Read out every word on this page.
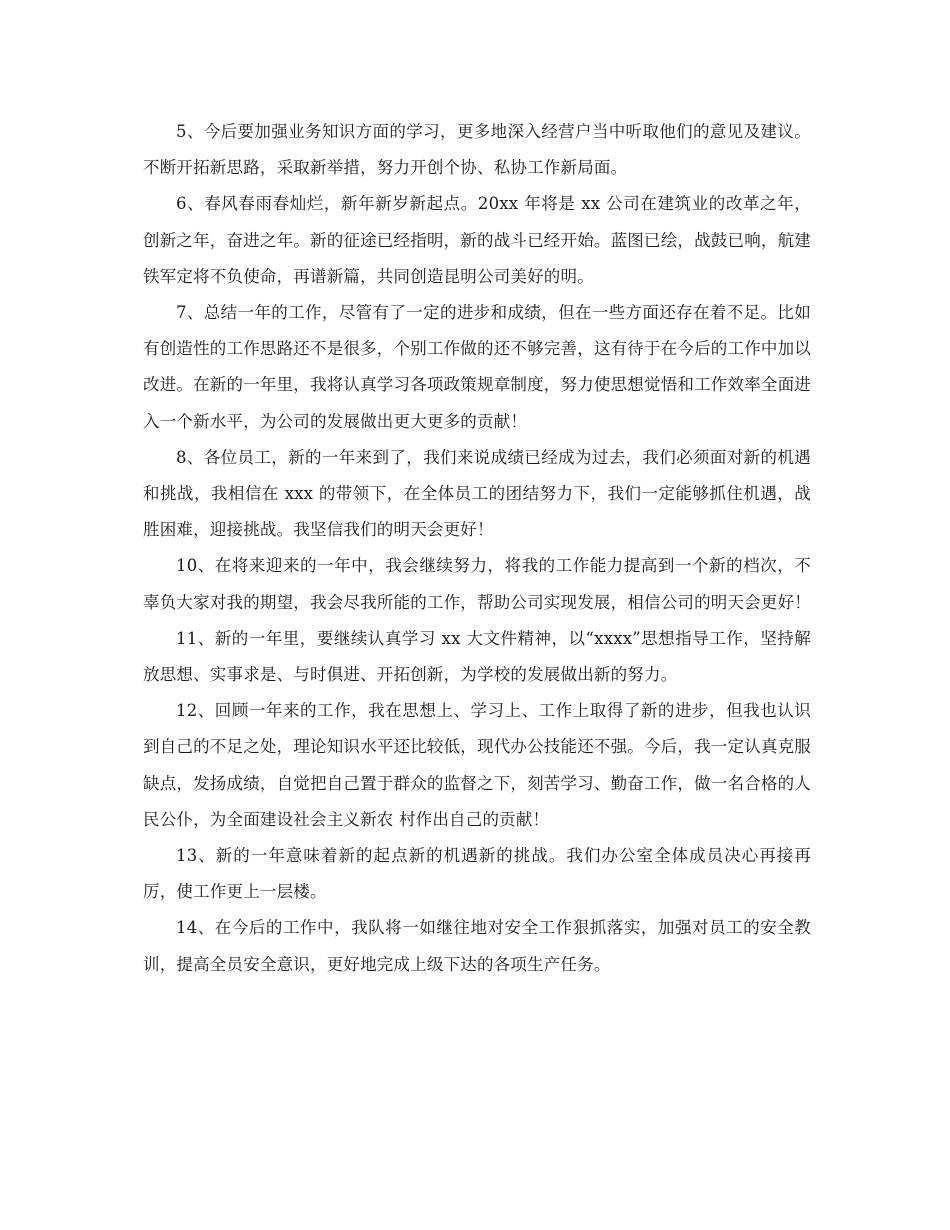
5、今后要加强业务知识方面的学习，更多地深入经营户当中听取他们的意见及建议。不断开拓新思路，采取新举措，努力开创个协、私协工作新局面。

6、春风春雨春灿烂，新年新岁新起点。20xx 年将是 xx 公司在建筑业的改革之年，创新之年，奋进之年。新的征途已经指明，新的战斗已经开始。蓝图已绘，战鼓已响，航建铁军定将不负使命，再谱新篇，共同创造昆明公司美好的明。

7、总结一年的工作，尽管有了一定的进步和成绩，但在一些方面还存在着不足。比如有创造性的工作思路还不是很多，个别工作做的还不够完善，这有待于在今后的工作中加以改进。在新的一年里，我将认真学习各项政策规章制度，努力使思想觉悟和工作效率全面进入一个新水平，为公司的发展做出更大更多的贡献！

8、各位员工，新的一年来到了，我们来说成绩已经成为过去，我们必须面对新的机遇和挑战，我相信在 xxx 的带领下，在全体员工的团结努力下，我们一定能够抓住机遇，战胜困难，迎接挑战。我坚信我们的明天会更好！

10、在将来迎来的一年中，我会继续努力，将我的工作能力提高到一个新的档次，不辜负大家对我的期望，我会尽我所能的工作，帮助公司实现发展，相信公司的明天会更好！

11、新的一年里，要继续认真学习 xx 大文件精神，以“xxxx”思想指导工作，坚持解放思想、实事求是、与时俱进、开拓创新，为学校的发展做出新的努力。

12、回顾一年来的工作，我在思想上、学习上、工作上取得了新的进步，但我也认识到自己的不足之处，理论知识水平还比较低，现代办公技能还不强。今后，我一定认真克服缺点，发扬成绩，自觉把自己置于群众的监督之下，刻苦学习、勤奋工作，做一名合格的人民公仆，为全面建设社会主义新农 村作出自己的贡献！

13、新的一年意味着新的起点新的机遇新的挑战。我们办公室全体成员决心再接再厉，使工作更上一层楼。

14、在今后的工作中，我队将一如继往地对安全工作狠抓落实，加强对员工的安全教训，提高全员安全意识，更好地完成上级下达的各项生产任务。
